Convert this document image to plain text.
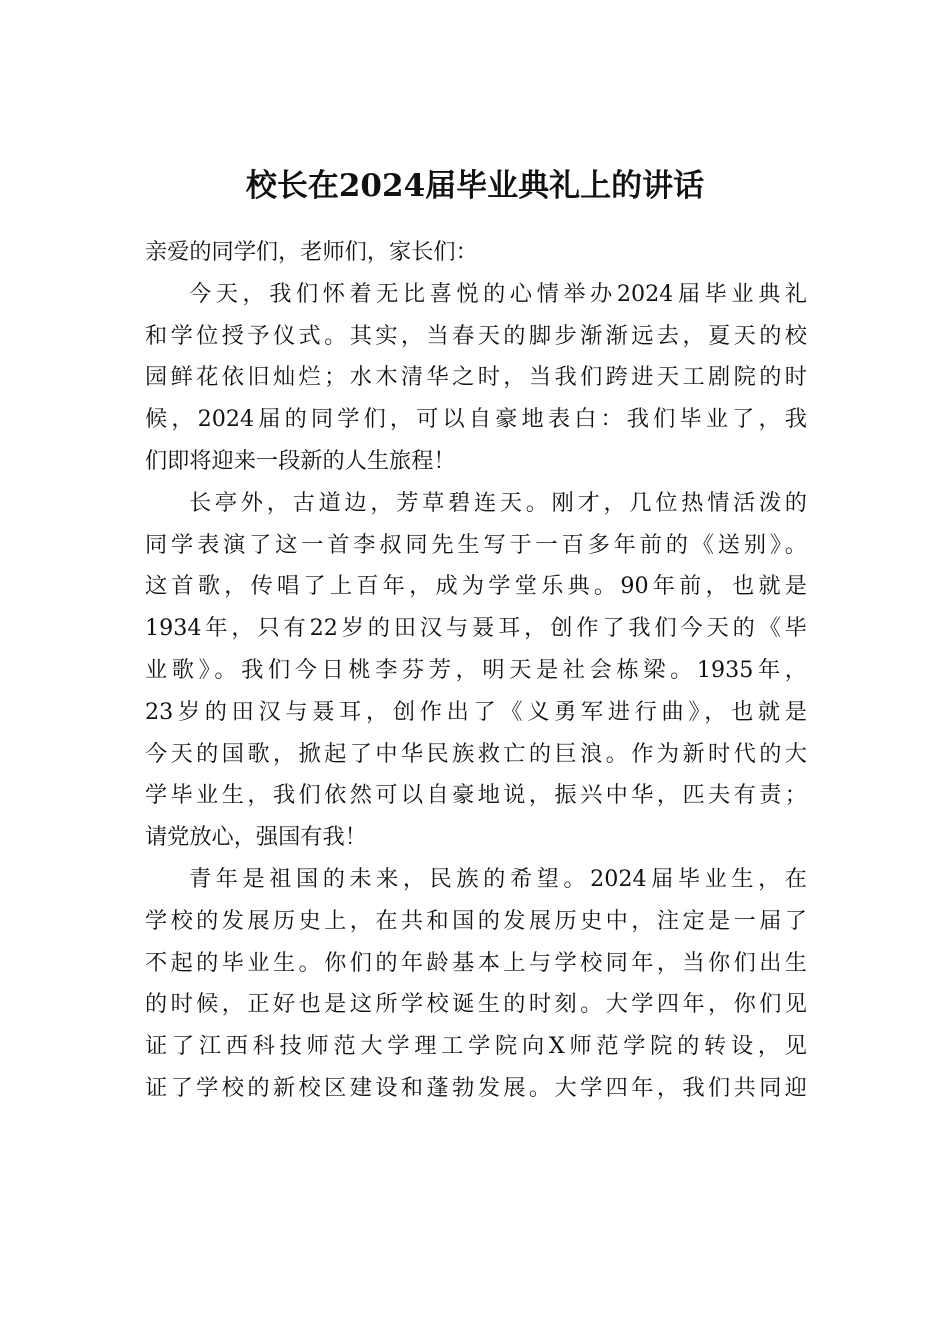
校长在2024届毕业典礼上的讲话
亲爱的同学们，老师们，家长们：
今天，我们怀着无比喜悦的心情举办2024届毕业典礼
和学位授予仪式。其实，当春天的脚步渐渐远去，夏天的校
园鲜花依旧灿烂；水木清华之时，当我们跨进天工剧院的时
候，2024届的同学们，可以自豪地表白：我们毕业了，我
们即将迎来一段新的人生旅程！
长亭外，古道边，芳草碧连天。刚才，几位热情活泼的
同学表演了这一首李叔同先生写于一百多年前的《送别》。
这首歌，传唱了上百年，成为学堂乐典。90年前，也就是
1934年，只有22岁的田汉与聂耳，创作了我们今天的《毕
业歌》。我们今日桃李芬芳，明天是社会栋梁。1935年，
23岁的田汉与聂耳，创作出了《义勇军进行曲》，也就是
今天的国歌，掀起了中华民族救亡的巨浪。作为新时代的大
学毕业生，我们依然可以自豪地说，振兴中华，匹夫有责；
请党放心，强国有我！
青年是祖国的未来，民族的希望。2024届毕业生，在
学校的发展历史上，在共和国的发展历史中，注定是一届了
不起的毕业生。你们的年龄基本上与学校同年，当你们出生
的时候，正好也是这所学校诞生的时刻。大学四年，你们见
证了江西科技师范大学理工学院向X师范学院的转设，见
证了学校的新校区建设和蓬勃发展。大学四年，我们共同迎
